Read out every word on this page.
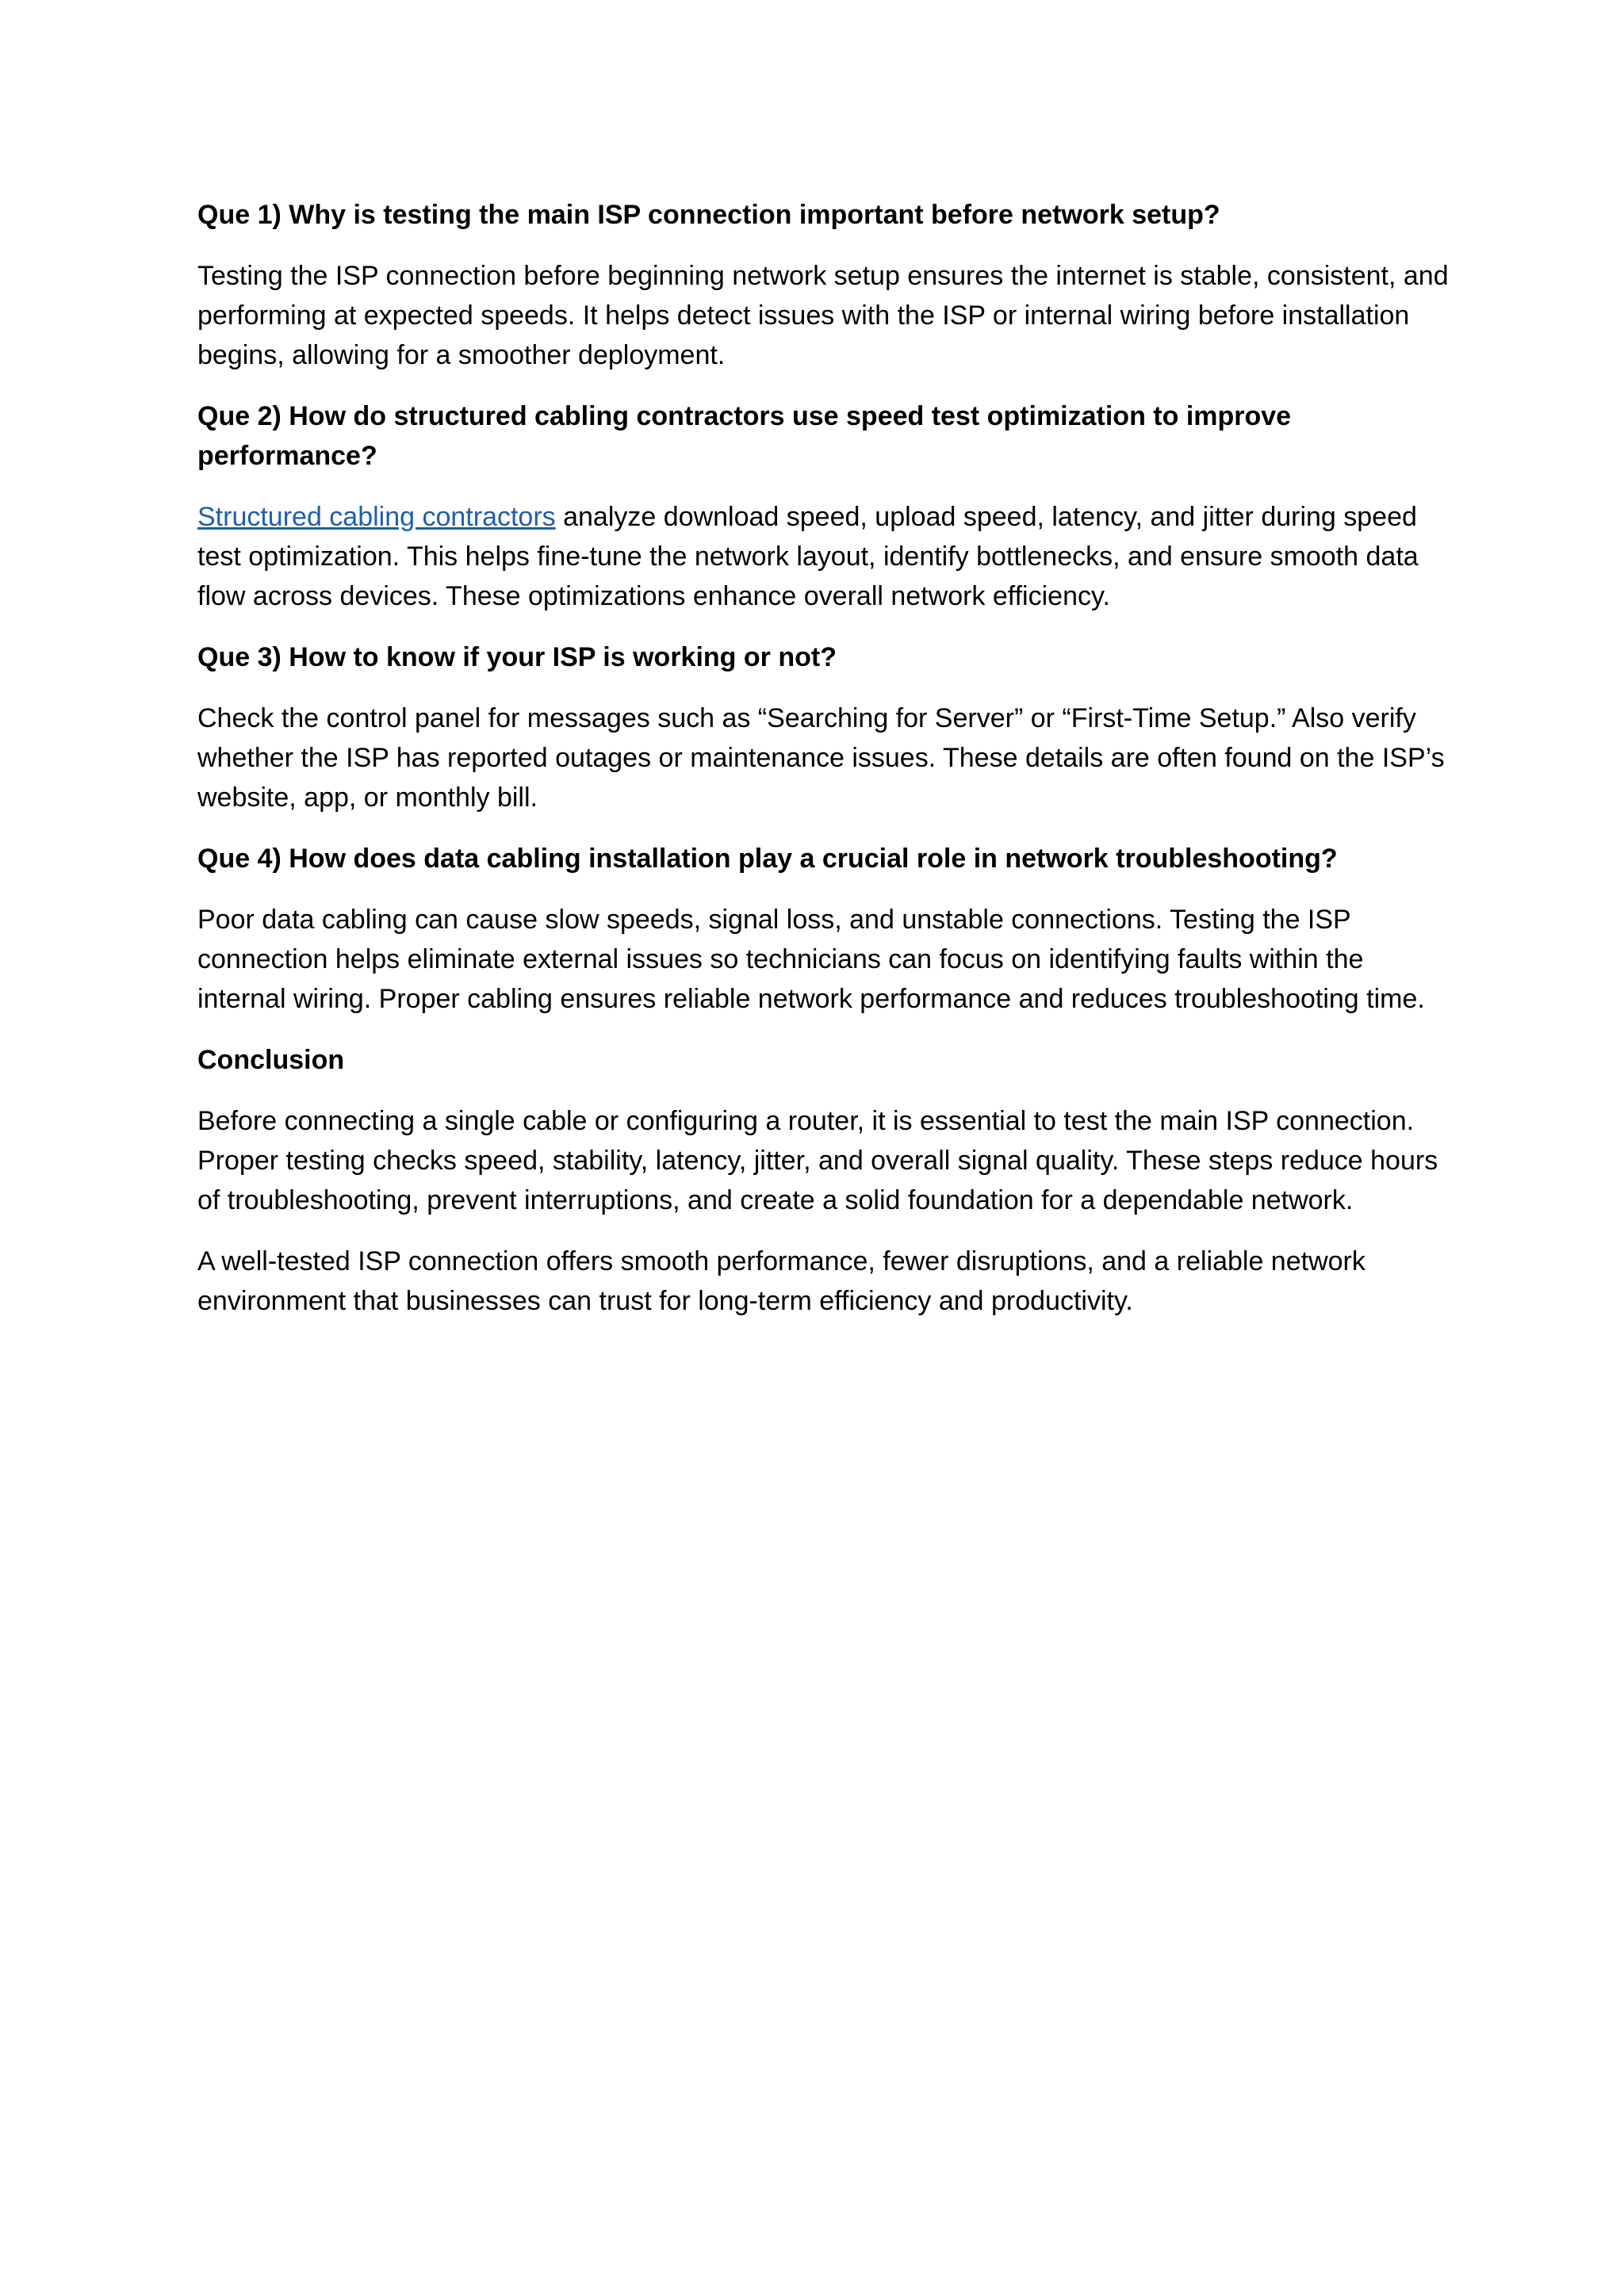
Que 1) Why is testing the main ISP connection important before network setup?

Testing the ISP connection before beginning network setup ensures the internet is stable, consistent, and performing at expected speeds. It helps detect issues with the ISP or internal wiring before installation begins, allowing for a smoother deployment.

Que 2) How do structured cabling contractors use speed test optimization to improve performance?

Structured cabling contractors analyze download speed, upload speed, latency, and jitter during speed test optimization. This helps fine-tune the network layout, identify bottlenecks, and ensure smooth data flow across devices. These optimizations enhance overall network efficiency.

Que 3) How to know if your ISP is working or not?

Check the control panel for messages such as “Searching for Server” or “First-Time Setup.” Also verify whether the ISP has reported outages or maintenance issues. These details are often found on the ISP’s website, app, or monthly bill.

Que 4) How does data cabling installation play a crucial role in network troubleshooting?

Poor data cabling can cause slow speeds, signal loss, and unstable connections. Testing the ISP connection helps eliminate external issues so technicians can focus on identifying faults within the internal wiring. Proper cabling ensures reliable network performance and reduces troubleshooting time.

Conclusion

Before connecting a single cable or configuring a router, it is essential to test the main ISP connection. Proper testing checks speed, stability, latency, jitter, and overall signal quality. These steps reduce hours of troubleshooting, prevent interruptions, and create a solid foundation for a dependable network.

A well-tested ISP connection offers smooth performance, fewer disruptions, and a reliable network environment that businesses can trust for long-term efficiency and productivity.
